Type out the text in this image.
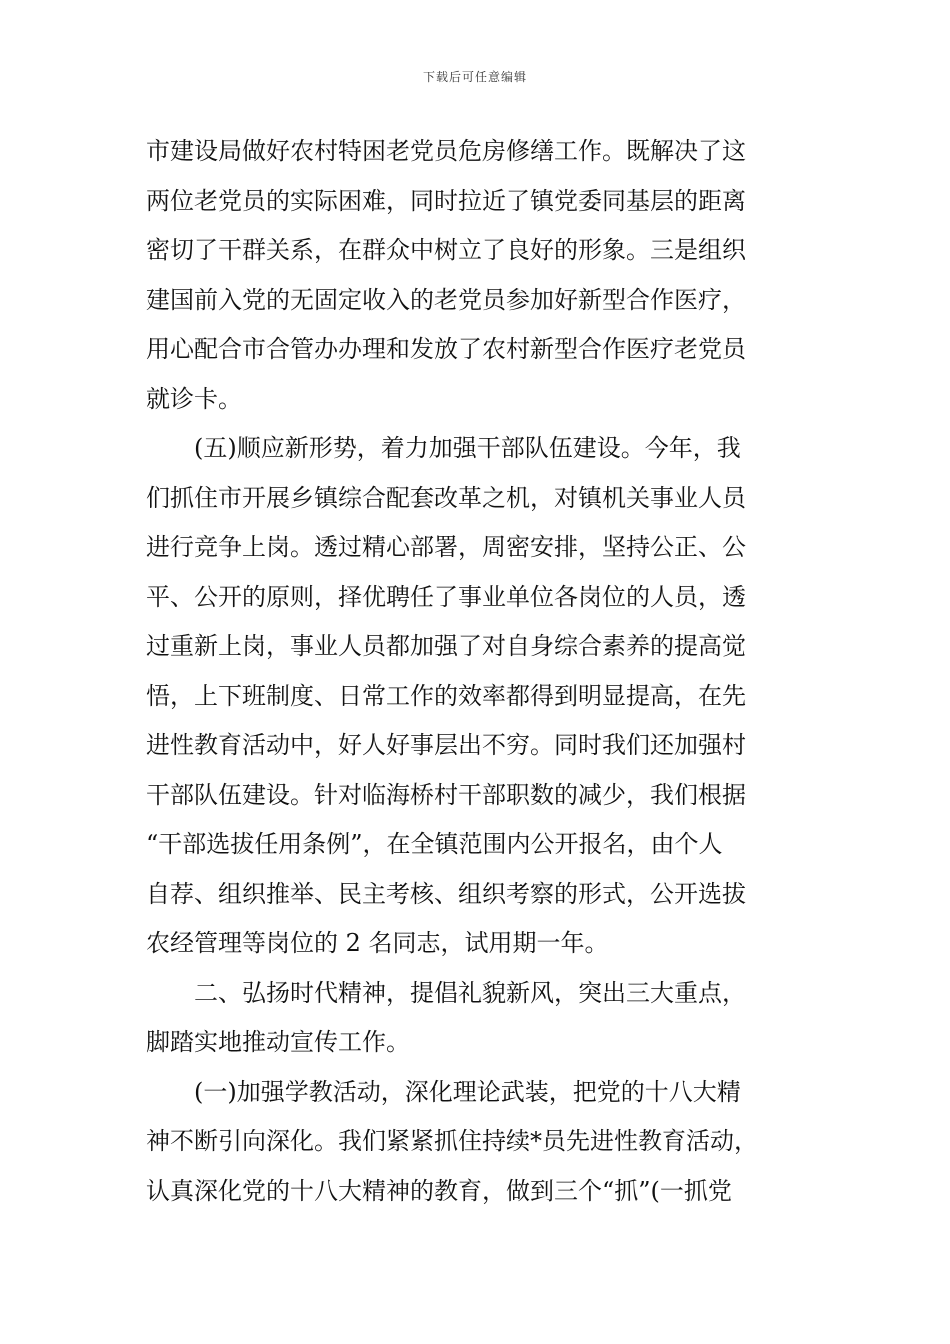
下载后可任意编辑
市建设局做好农村特困老党员危房修缮工作。既解决了这
两位老党员的实际困难，同时拉近了镇党委同基层的距离
密切了干群关系，在群众中树立了良好的形象。三是组织
建国前入党的无固定收入的老党员参加好新型合作医疗，
用心配合市合管办办理和发放了农村新型合作医疗老党员
就诊卡。
(五)顺应新形势，着力加强干部队伍建设。今年，我
们抓住市开展乡镇综合配套改革之机，对镇机关事业人员
进行竞争上岗。透过精心部署，周密安排，坚持公正、公
平、公开的原则，择优聘任了事业单位各岗位的人员，透
过重新上岗，事业人员都加强了对自身综合素养的提高觉
悟，上下班制度、日常工作的效率都得到明显提高，在先
进性教育活动中，好人好事层出不穷。同时我们还加强村
干部队伍建设。针对临海桥村干部职数的减少，我们根据
“干部选拔任用条例”，在全镇范围内公开报名，由个人
自荐、组织推举、民主考核、组织考察的形式，公开选拔
农经管理等岗位的 2 名同志，试用期一年。
二、弘扬时代精神，提倡礼貌新风，突出三大重点，
脚踏实地推动宣传工作。
(一)加强学教活动，深化理论武装，把党的十八大精
神不断引向深化。我们紧紧抓住持续*员先进性教育活动，
认真深化党的十八大精神的教育，做到三个“抓”(一抓党
